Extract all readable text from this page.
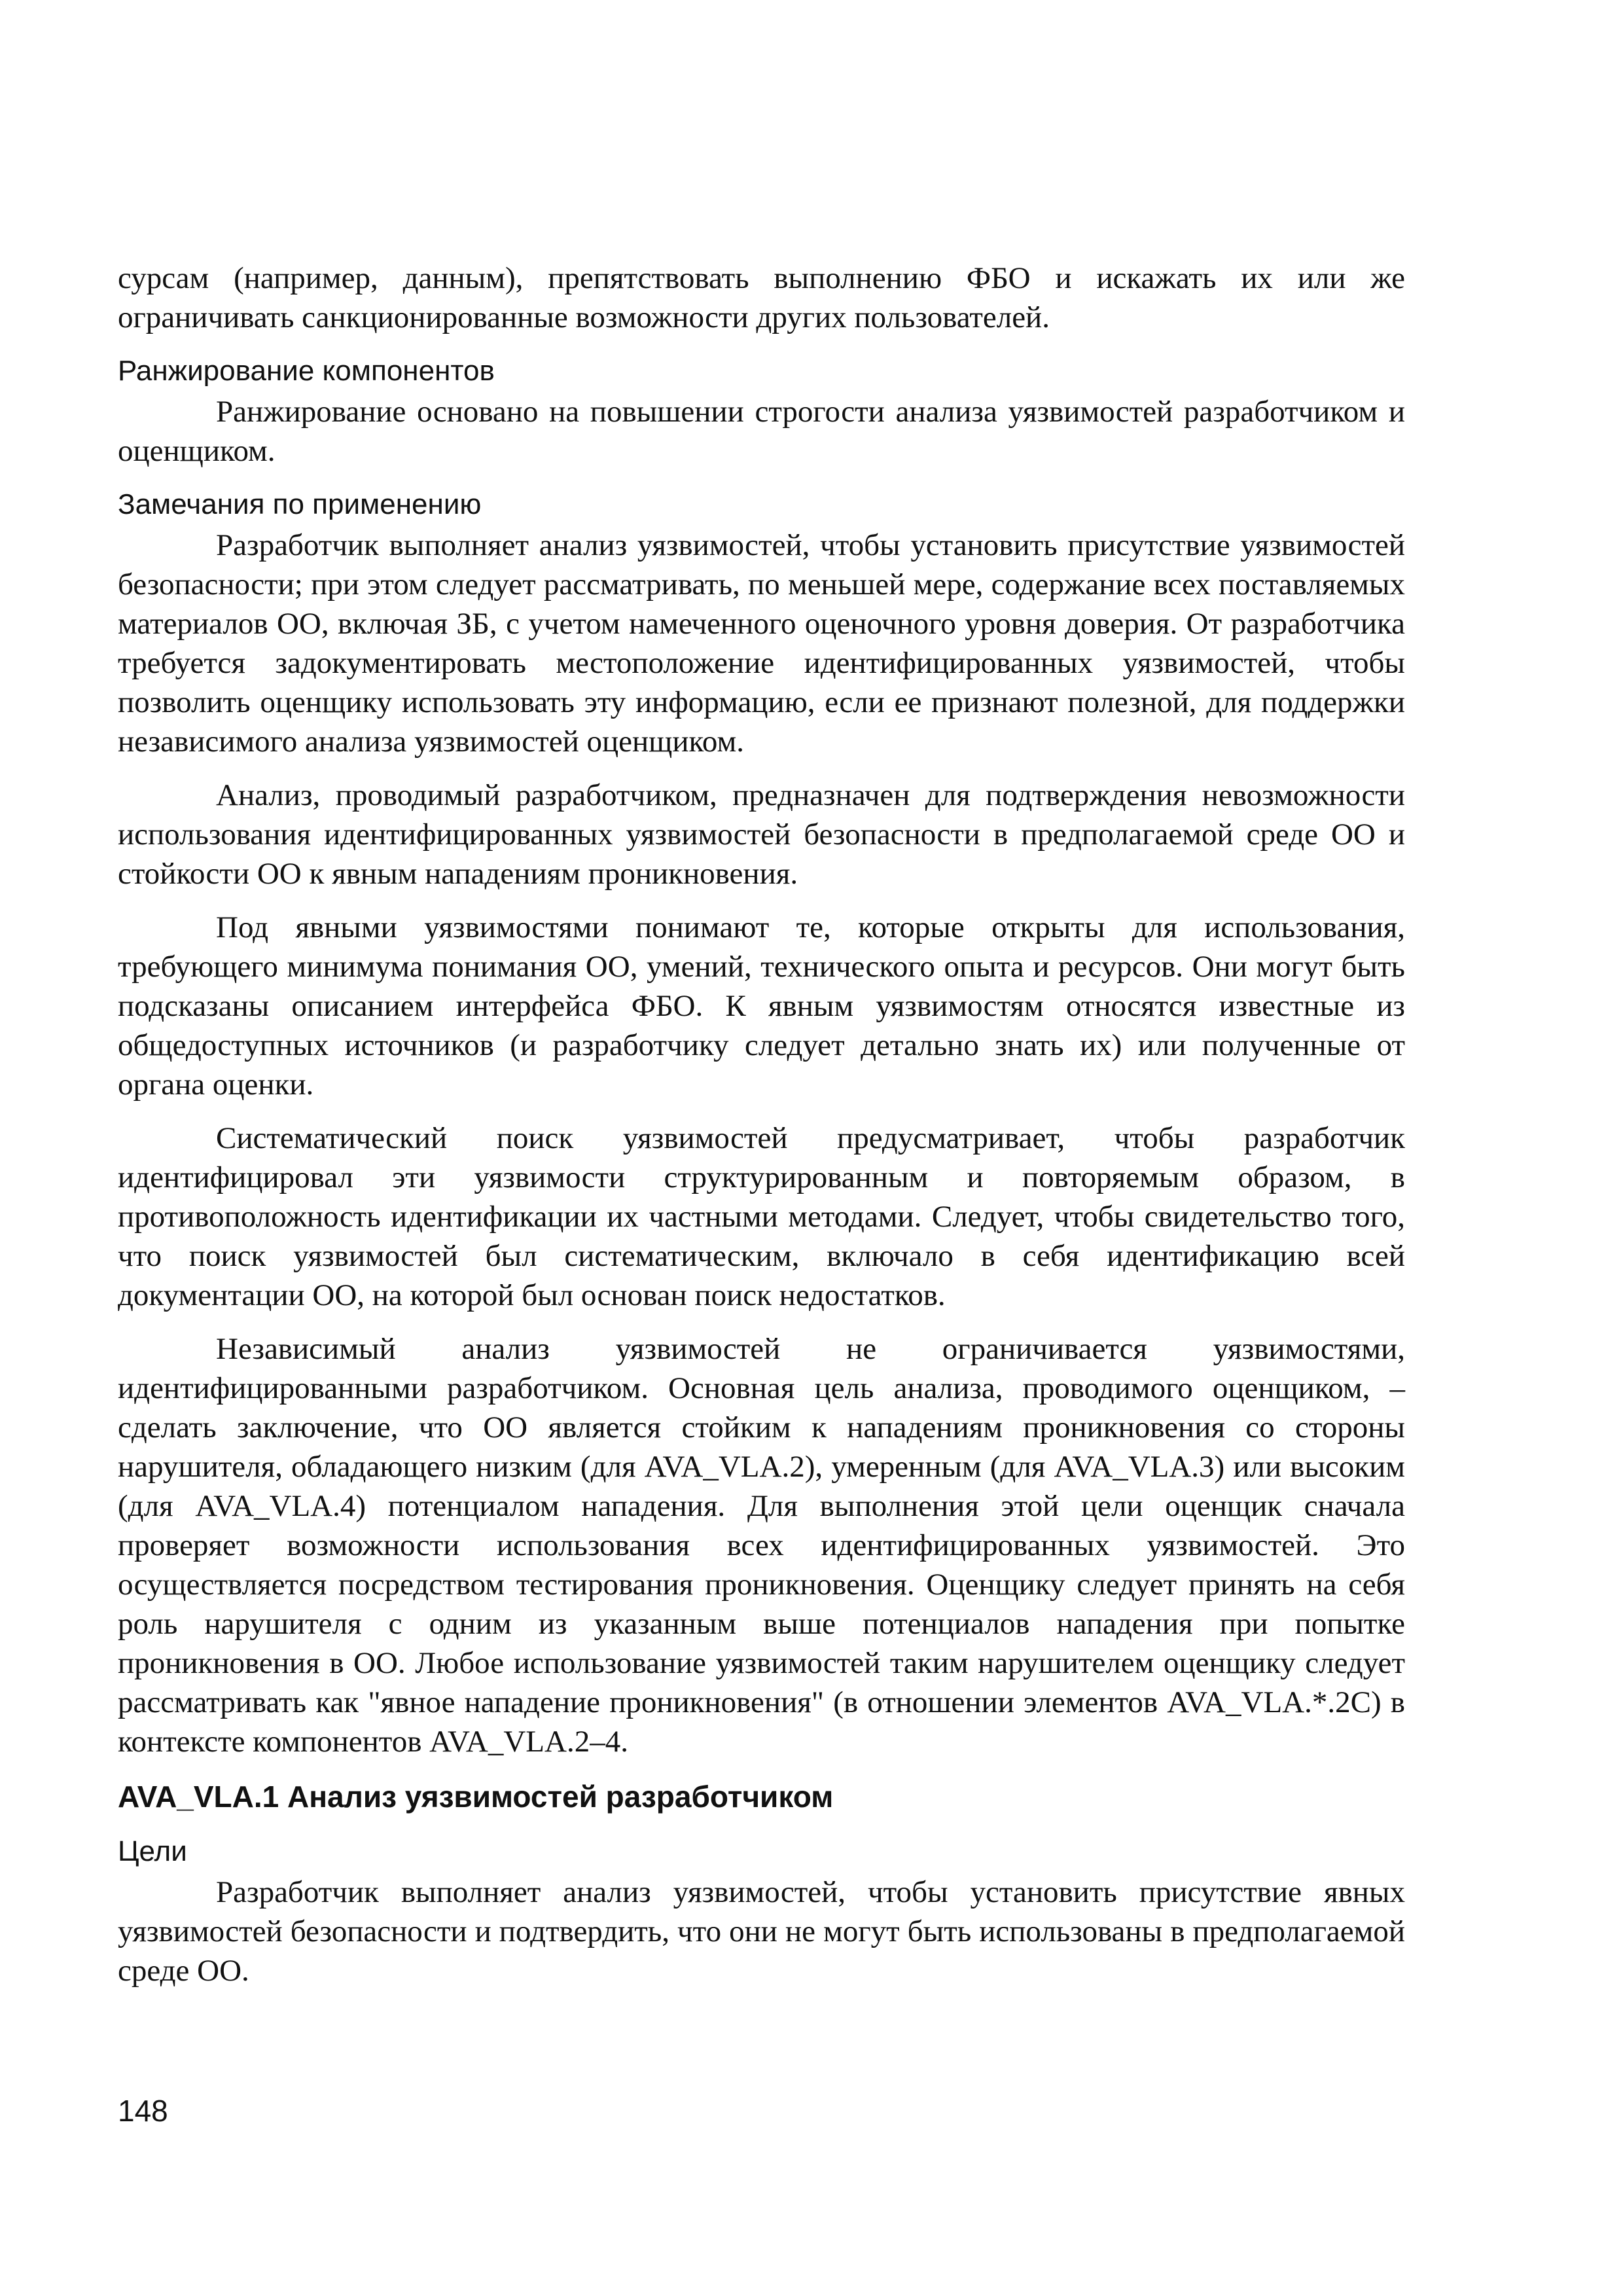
сурсам (например, данным), препятствовать выполнению ФБО и искажать их или же ограничивать санкционированные возможности других пользователей.

Ранжирование компонентов

Ранжирование основано на повышении строгости анализа уязвимостей разработчиком и оценщиком.

Замечания по применению

Разработчик выполняет анализ уязвимостей, чтобы установить присутствие уязвимостей безопасности; при этом следует рассматривать, по меньшей мере, содержание всех поставляемых материалов ОО, включая ЗБ, с учетом намеченного оценочного уровня доверия. От разработчика требуется задокументировать местоположение идентифицированных уязвимостей, чтобы позволить оценщику использовать эту информацию, если ее признают полезной, для поддержки независимого анализа уязвимостей оценщиком.

Анализ, проводимый разработчиком, предназначен для подтверждения невозможности использования идентифицированных уязвимостей безопасности в предполагаемой среде ОО и стойкости ОО к явным нападениям проникновения.

Под явными уязвимостями понимают те, которые открыты для использования, требующего минимума понимания ОО, умений, технического опыта и ресурсов. Они могут быть подсказаны описанием интерфейса ФБО. К явным уязвимостям относятся известные из общедоступных источников (и разработчику следует детально знать их) или полученные от органа оценки.

Систематический поиск уязвимостей предусматривает, чтобы разработчик идентифицировал эти уязвимости структурированным и повторяемым образом, в противоположность идентификации их частными методами. Следует, чтобы свидетельство того, что поиск уязвимостей был систематическим, включало в себя идентификацию всей документации ОО, на которой был основан поиск недостатков.

Независимый анализ уязвимостей не ограничивается уязвимостями, идентифицированными разработчиком. Основная цель анализа, проводимого оценщиком, – сделать заключение, что ОО является стойким к нападениям проникновения со стороны нарушителя, обладающего низким (для AVA_VLA.2), умеренным (для AVA_VLA.3) или высоким (для AVA_VLA.4) потенциалом нападения. Для выполнения этой цели оценщик сначала проверяет возможности использования всех идентифицированных уязвимостей. Это осуществляется посредством тестирования проникновения. Оценщику следует принять на себя роль нарушителя с одним из указанным выше потенциалов нападения при попытке проникновения в ОО. Любое использование уязвимостей таким нарушителем оценщику следует рассматривать как "явное нападение проникновения" (в отношении элементов AVA_VLA.*.2C) в контексте компонентов AVA_VLA.2–4.

AVA_VLA.1 Анализ уязвимостей разработчиком
Цели

Разработчик выполняет анализ уязвимостей, чтобы установить присутствие явных уязвимостей безопасности и подтвердить, что они не могут быть использованы в предполагаемой среде ОО.

148
